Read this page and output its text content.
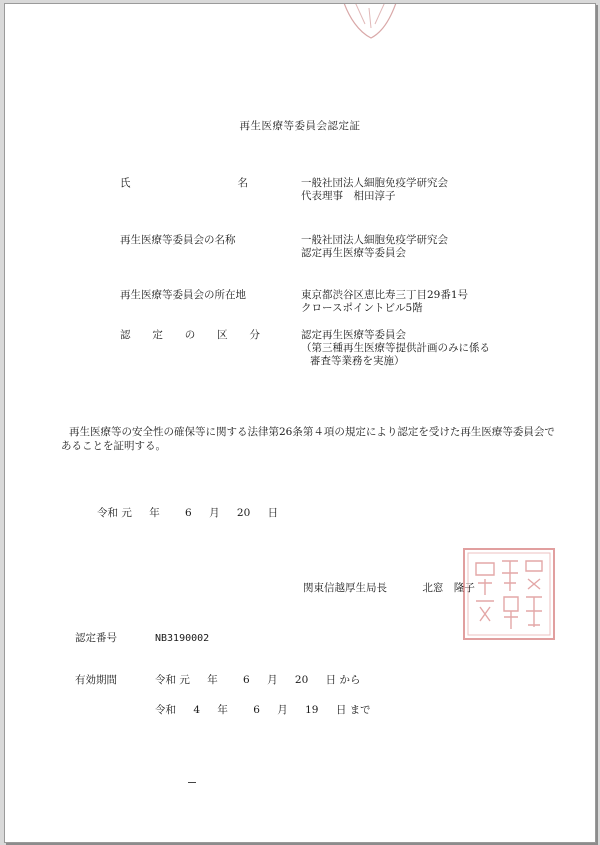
再生医療等委員会認定証
氏	名	一般社団法人細胞免疫学研究会
代表理事　相田淳子
再生医療等委員会の名称	一般社団法人細胞免疫学研究会
認定再生医療等委員会
再生医療等委員会の所在地	東京都渋谷区恵比寿三丁目29番1号
クロースポイントビル5階
認 定 の 区 分	認定再生医療等委員会
（第三種再生医療等提供計画のみに係る
審査等業務を実施）
再生医療等の安全性の確保等に関する法律第26条第４項の規定により認定を受けた再生医療等委員会であることを証明する。
令和 元 年 6 月 20 日
関東信越厚生局長	北窓　隆子
認定番号	NB3190002
有効期間	令和 元 年 6 月 20 日 から
令和 4 年 6 月 19 日 まで
